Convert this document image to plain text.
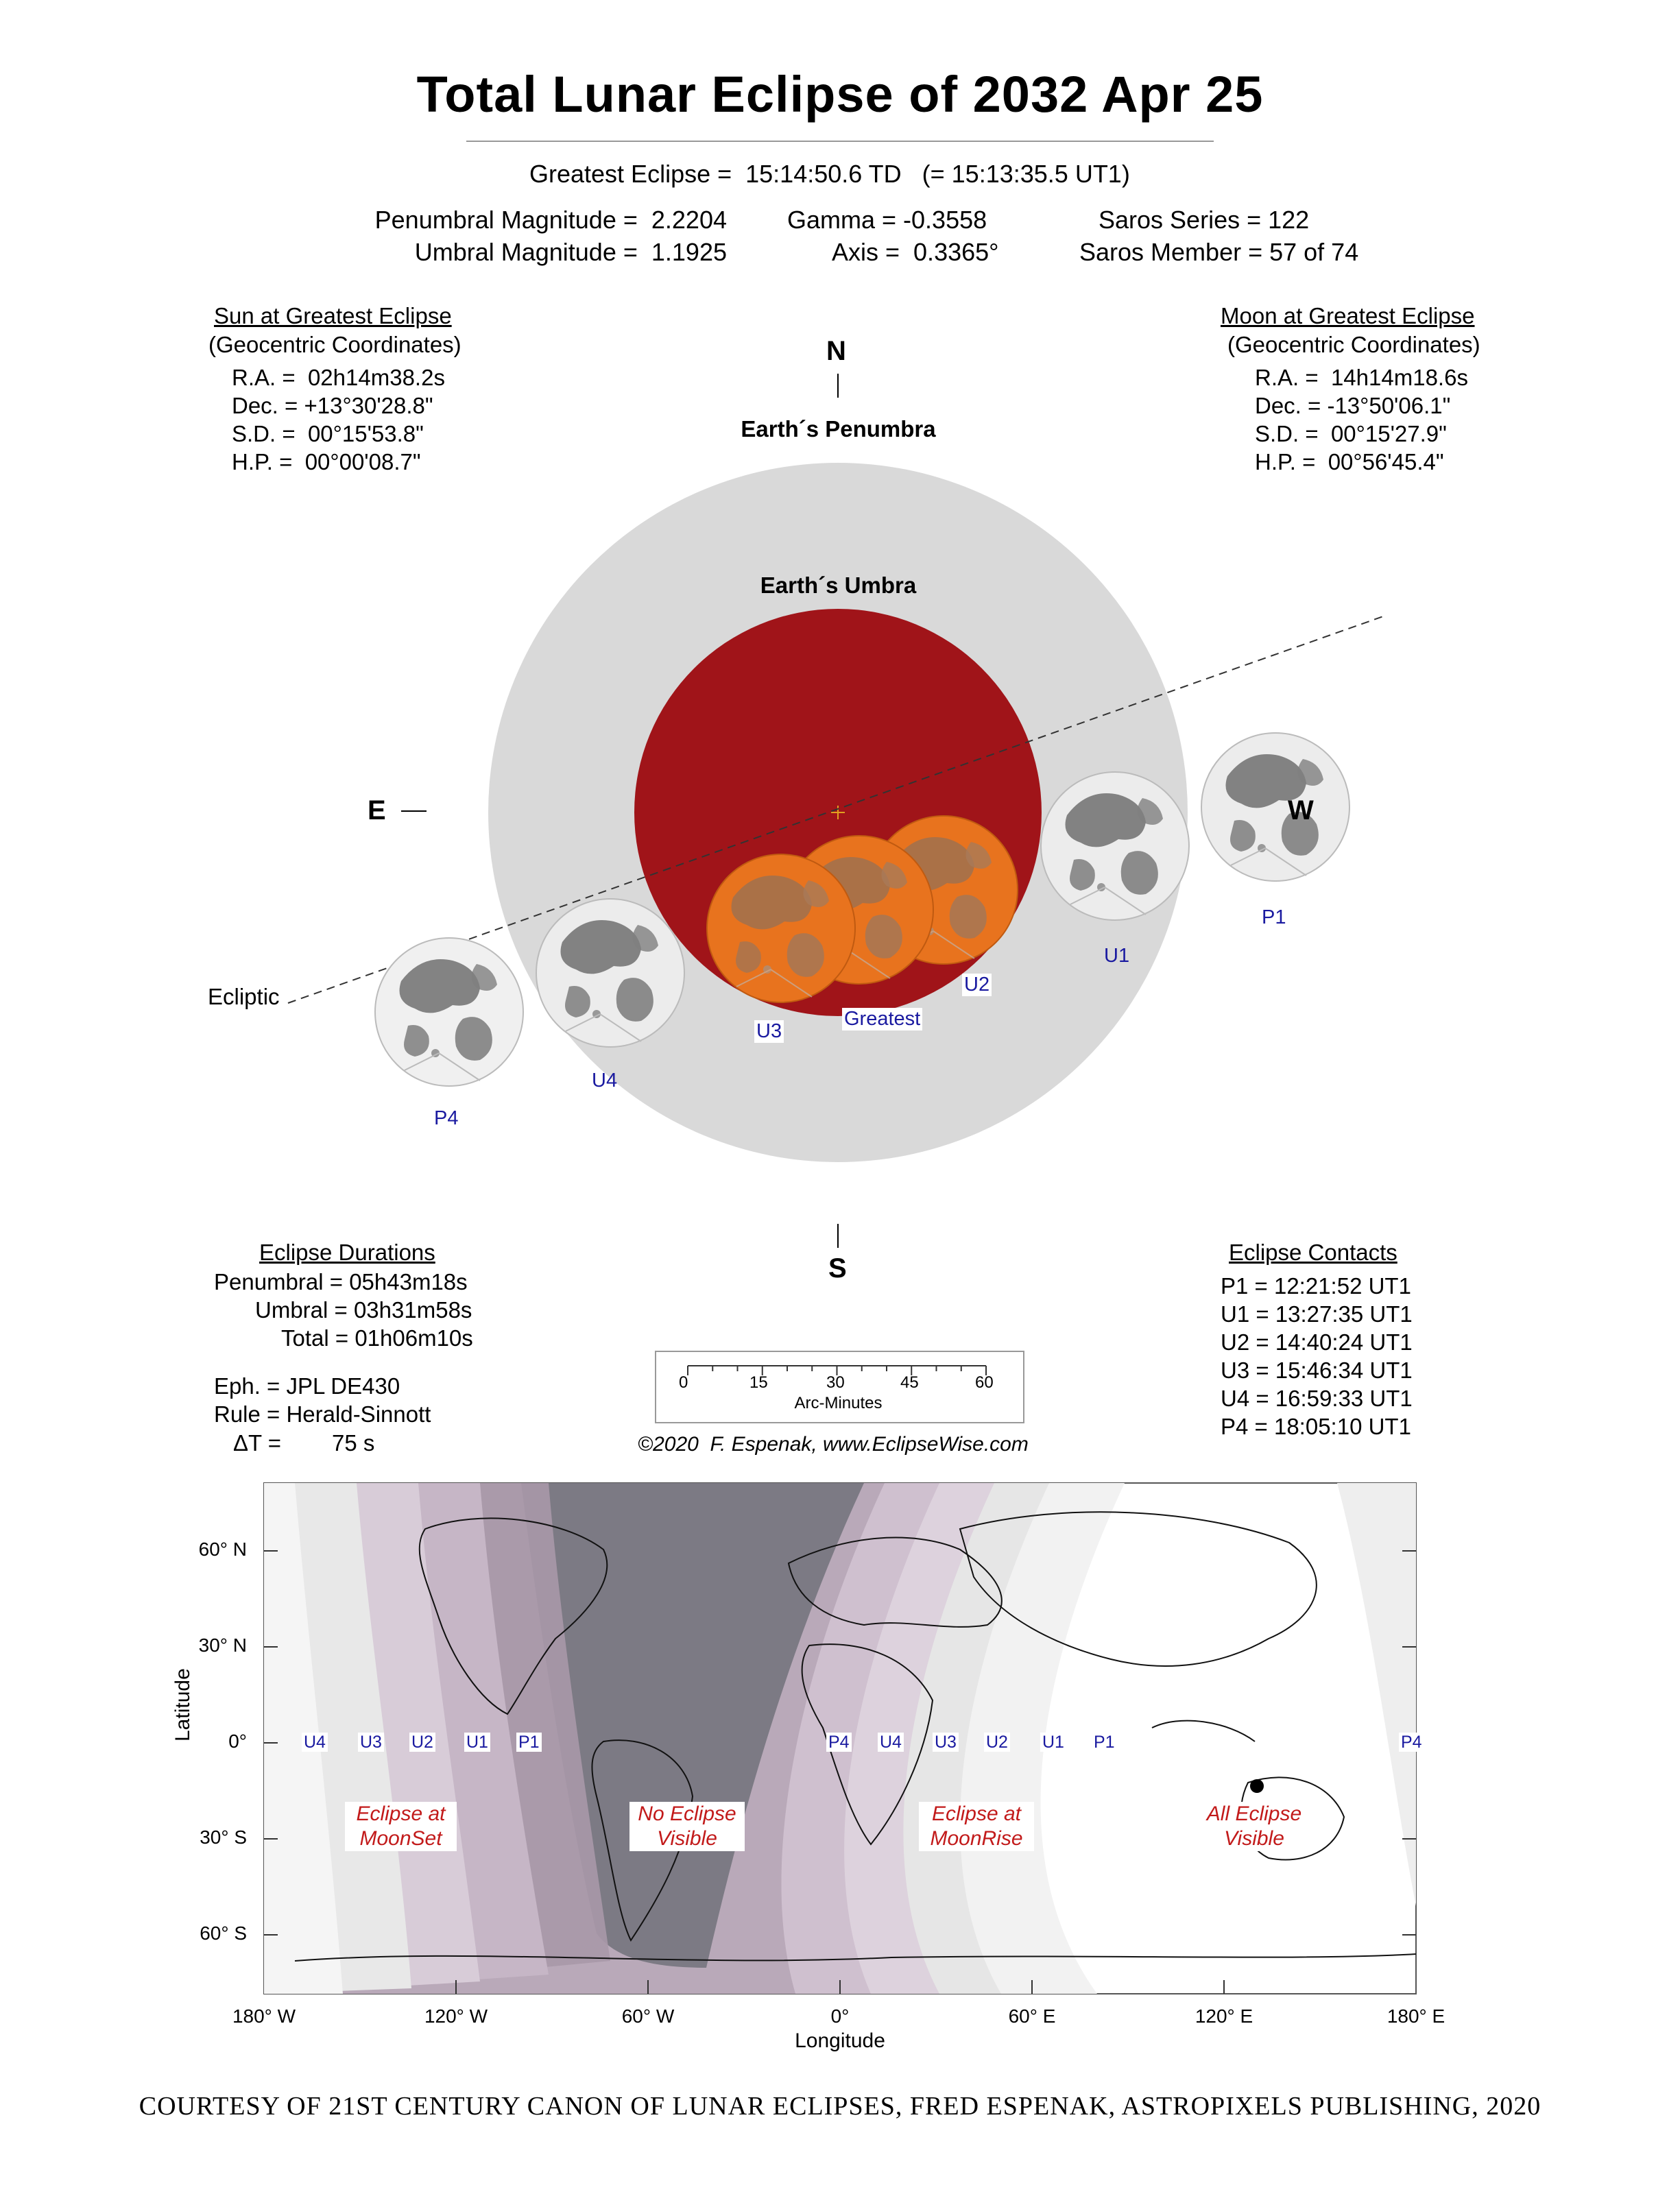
Total Lunar Eclipse of 2032 Apr 25
Greatest Eclipse =  15:14:50.6 TD   (= 15:13:35.5 UT1)
Penumbral Magnitude =  2.2204
Umbral Magnitude =  1.1925
Gamma = -0.3558
Axis =  0.3365°
Saros Series = 122
Saros Member = 57 of 74
Sun at Greatest Eclipse
(Geocentric Coordinates)
R.A. =  02h14m38.2s
Dec. = +13°30'28.8"
S.D. =  00°15'53.8"
H.P. =  00°00'08.7"
Moon at Greatest Eclipse
(Geocentric Coordinates)
R.A. =  14h14m18.6s
Dec. = -13°50'06.1"
S.D. =  00°15'27.9"
H.P. =  00°56'45.4"
N
S
E	W
Earth´s Penumbra
Earth´s Umbra
Ecliptic
P1
U1
U2
Greatest
U3
U4
P4
Eclipse Durations
Penumbral = 05h43m18s
Umbral = 03h31m58s
Total = 01h06m10s
Eph. = JPL DE430
Rule = Herald-Sinnott
ΔT = 75 s
0	15	30	45	60
Arc-Minutes
©2020  F. Espenak, www.EclipseWise.com
Eclipse Contacts
P1 = 12:21:52 UT1
U1 = 13:27:35 UT1
U2 = 14:40:24 UT1
U3 = 15:46:34 UT1
U4 = 16:59:33 UT1
P4 = 18:05:10 UT1
Latitude
Longitude
60° N
30° N
0°
30° S
60° S
180° W	120° W	60° W	0°	60° E	120° E	180° E
U4 U3 U2 U1 P1	P4 U4 U3 U2 U1 P1	P4
Eclipse at
MoonSet
No Eclipse
Visible
Eclipse at
MoonRise
All Eclipse
Visible
COURTESY OF 21ST CENTURY CANON OF LUNAR ECLIPSES, FRED ESPENAK, ASTROPIXELS PUBLISHING, 2020
